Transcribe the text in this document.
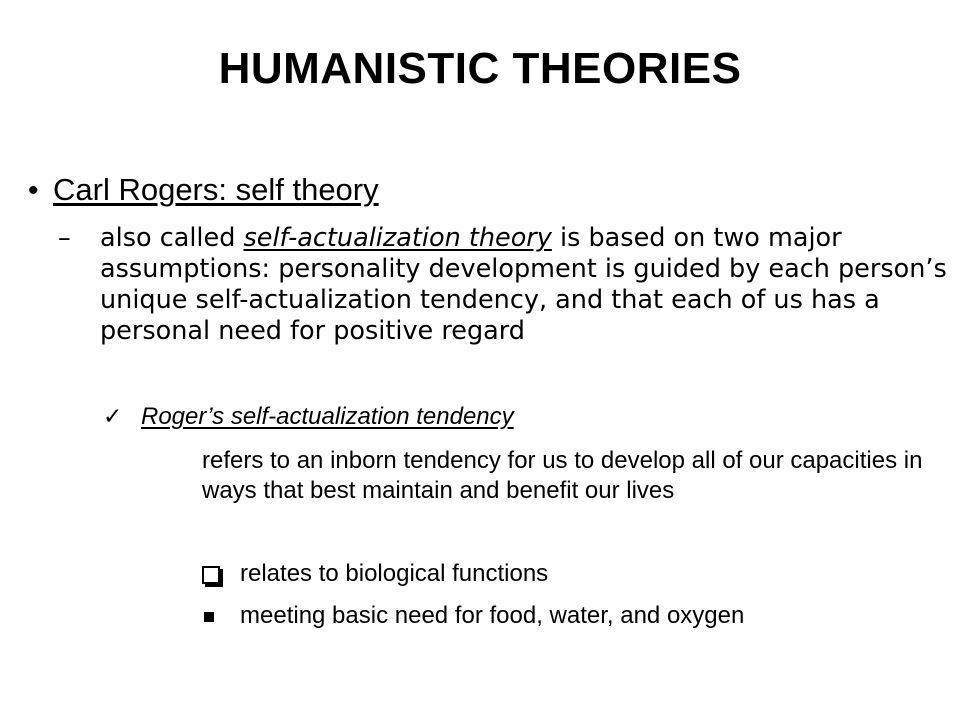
HUMANISTIC THEORIES
• Carl Rogers: self theory
–	also called self-actualization theory is based on two major assumptions: personality development is guided by each person’s unique self-actualization tendency, and that each of us has a personal need for positive regard
✓ Roger’s self-actualization tendency
refers to an inborn tendency for us to develop all of our capacities in ways that best maintain and benefit our lives
relates to biological functions
meeting basic need for food, water, and oxygen
